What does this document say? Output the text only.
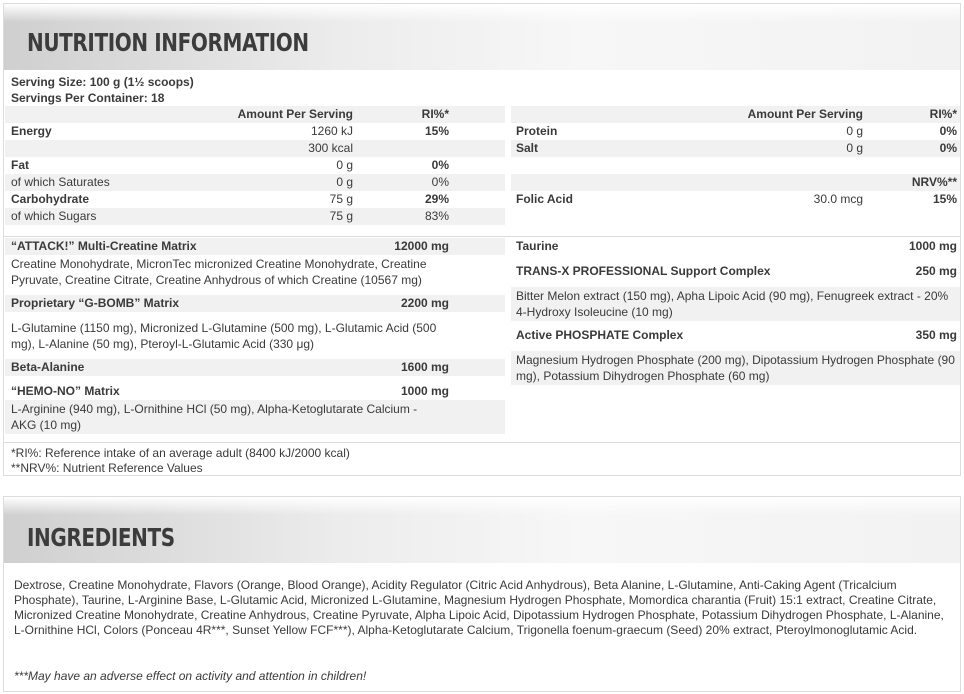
NUTRITION INFORMATION
Serving Size: 100 g (1½ scoops)
Servings Per Container: 18
Amount Per Serving	RI%*
Energy	1260 kJ	15%
300 kcal
Fat	0 g	0%
of which Saturates	0 g	0%
Carbohydrate	75 g	29%
of which Sugars	75 g	83%
Amount Per Serving	RI%*
Protein	0 g	0%
Salt	0 g	0%
NRV%**
Folic Acid	30.0 mcg	15%
“ATTACK!” Multi-Creatine Matrix	12000 mg
Creatine Monohydrate, MicronTec micronized Creatine Monohydrate, Creatine Pyruvate, Creatine Citrate, Creatine Anhydrous of which Creatine (10567 mg)
Proprietary “G-BOMB” Matrix	2200 mg
L-Glutamine (1150 mg), Micronized L-Glutamine (500 mg), L-Glutamic Acid (500 mg), L-Alanine (50 mg), Pteroyl-L-Glutamic Acid (330 μg)
Beta-Alanine	1600 mg
“HEMO-NO” Matrix	1000 mg
L-Arginine (940 mg), L-Ornithine HCl (50 mg), Alpha-Ketoglutarate Calcium - AKG (10 mg)
Taurine	1000 mg
TRANS-X PROFESSIONAL Support Complex	250 mg
Bitter Melon extract (150 mg), Apha Lipoic Acid (90 mg), Fenugreek extract - 20% 4-Hydroxy Isoleucine (10 mg)
Active PHOSPHATE Complex	350 mg
Magnesium Hydrogen Phosphate (200 mg), Dipotassium Hydrogen Phosphate (90 mg), Potassium Dihydrogen Phosphate (60 mg)
*RI%: Reference intake of an average adult (8400 kJ/2000 kcal)
**NRV%: Nutrient Reference Values
INGREDIENTS
Dextrose, Creatine Monohydrate, Flavors (Orange, Blood Orange), Acidity Regulator (Citric Acid Anhydrous), Beta Alanine, L-Glutamine, Anti-Caking Agent (Tricalcium Phosphate), Taurine, L-Arginine Base, L-Glutamic Acid, Micronized L-Glutamine, Magnesium Hydrogen Phosphate, Momordica charantia (Fruit) 15:1 extract, Creatine Citrate, Micronized Creatine Monohydrate, Creatine Anhydrous, Creatine Pyruvate, Alpha Lipoic Acid, Dipotassium Hydrogen Phosphate, Potassium Dihydrogen Phosphate, L-Alanine, L-Ornithine HCl, Colors (Ponceau 4R***, Sunset Yellow FCF***), Alpha-Ketoglutarate Calcium, Trigonella foenum-graecum (Seed) 20% extract, Pteroylmonoglutamic Acid.
***May have an adverse effect on activity and attention in children!
